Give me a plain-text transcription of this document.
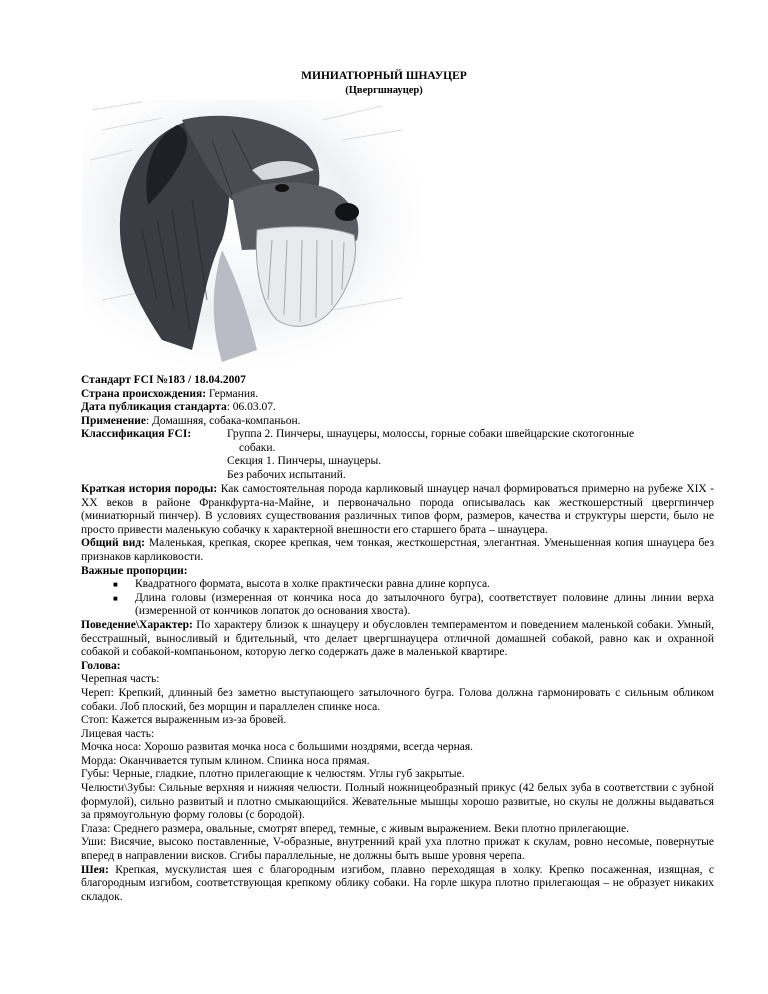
МИНИАТЮРНЫЙ ШНАУЦЕР
(Цвергшнауцер)
Стандарт FCI №183 / 18.04.2007
Страна происхождения: Германия.
Дата публикация стандарта: 06.03.07.
Применение: Домашняя, собака-компаньон.
Классификация FCI:	Группа 2. Пинчеры, шнауцеры, молоссы, горные собаки швейцарские скотогонные
собаки.
Секция 1. Пинчеры, шнауцеры.
Без рабочих испытаний.

Краткая история породы: Как самостоятельная порода карликовый шнауцер начал формироваться примерно на рубеже XIX - XX веков в районе Франкфурта-на-Майне, и первоначально порода описывалась как жесткошерстный цвергпинчер (миниатюрный пинчер). В условиях существования различных типов форм, размеров, качества и структуры шерсти, было не просто привести маленькую собачку к характерной внешности его старшего брата – шнауцера.

Общий вид: Маленькая, крепкая, скорее крепкая, чем тонкая, жесткошерстная, элегантная. Уменьшенная копия шнауцера без признаков карликовости.

Важные пропорции:

■	Квадратного формата, высота в холке практически равна длине корпуса.
■	Длина головы (измеренная от кончика носа до затылочного бугра), соответствует половине длины линии верха (измеренной от кончиков лопаток до основания хвоста).

Поведение\Характер: По характеру близок к шнауцеру и обусловлен темпераментом и поведением маленькой собаки. Умный, бесстрашный, выносливый и бдительный, что делает цвергшнауцера отличной домашней собакой, равно как и охранной собакой и собакой-компаньоном, которую легко содержать даже в маленькой квартире.

Голова:

Черепная часть:

Череп: Крепкий, длинный без заметно выступающего затылочного бугра. Голова должна гармонировать с сильным обликом собаки. Лоб плоский, без морщин и параллелен спинке носа.

Стоп: Кажется выраженным из-за бровей.

Лицевая часть:

Мочка носа: Хорошо развитая мочка носа с большими ноздрями, всегда черная.

Морда: Оканчивается тупым клином. Спинка носа прямая.

Губы: Черные, гладкие, плотно прилегающие к челюстям. Углы губ закрытые.

Челюсти\Зубы: Сильные верхняя и нижняя челюсти. Полный ножницеобразный прикус (42 белых зуба в соответствии с зубной формулой), сильно развитый и плотно смыкающийся. Жевательные мышцы хорошо развитые, но скулы не должны выдаваться за прямоугольную форму головы (с бородой).

Глаза: Среднего размера, овальные, смотрят вперед, темные, с живым выражением. Веки плотно прилегающие.

Уши: Висячие, высоко поставленные, V-образные, внутренний край уха плотно прижат к скулам, ровно несомые, повернутые вперед в направлении висков. Сгибы параллельные, не должны быть выше уровня черепа.

Шея: Крепкая, мускулистая шея с благородным изгибом, плавно переходящая в холку. Крепко посаженная, изящная, с благородным изгибом, соответствующая крепкому облику собаки. На горле шкура плотно прилегающая – не образует никаких складок.
